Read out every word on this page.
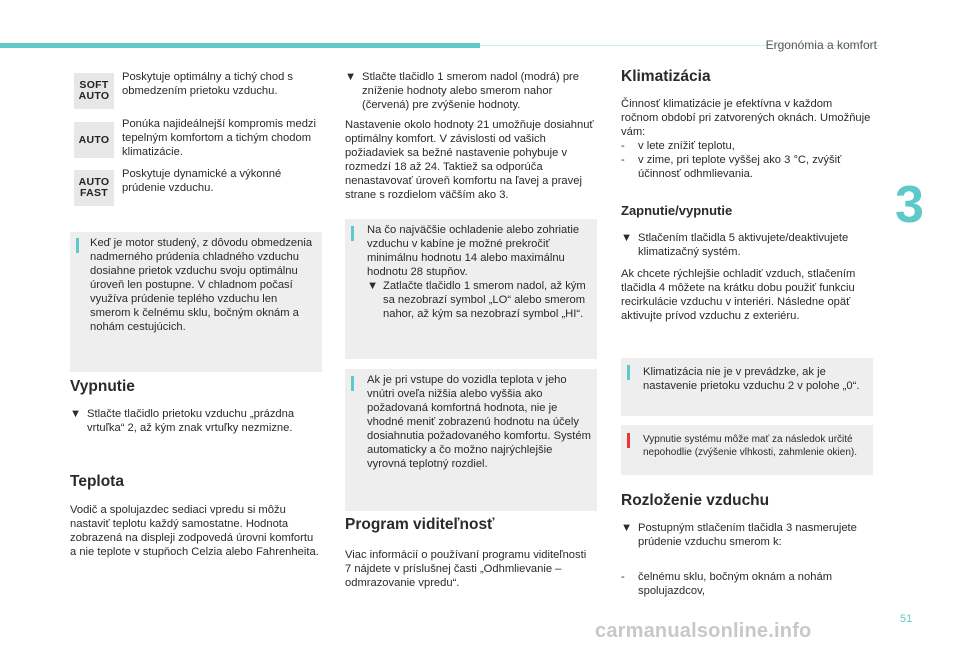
Ergonómia a komfort
3
SOFT
AUTO
Poskytuje optimálny a tichý chod s obmedzením prietoku vzduchu.
AUTO
Ponúka najideálnejší kompromis medzi tepelným komfortom a tichým chodom klimatizácie.
AUTO
FAST
Poskytuje dynamické a výkonné prúdenie vzduchu.
Keď je motor studený, z dôvodu obmedzenia nadmerného prúdenia chladného vzduchu dosiahne prietok vzduchu svoju optimálnu úroveň len postupne. V chladnom počasí využíva prúdenie teplého vzduchu len smerom k čelnému sklu, bočným oknám a nohám cestujúcich.
Vypnutie
▼ Stlačte tlačidlo prietoku vzduchu „prázdna vrtuľka“ 2, až kým znak vrtuľky nezmizne.
Teplota
Vodič a spolujazdec sediaci vpredu si môžu nastaviť teplotu každý samostatne. Hodnota zobrazená na displeji zodpovedá úrovni komfortu a nie teplote v stupňoch Celzia alebo Fahrenheita.
▼ Stlačte tlačidlo 1 smerom nadol (modrá) pre zníženie hodnoty alebo smerom nahor (červená) pre zvýšenie hodnoty.
Nastavenie okolo hodnoty 21 umožňuje dosiahnuť optimálny komfort. V závislosti od vašich požiadaviek sa bežné nastavenie pohybuje v rozmedzí 18 až 24. Taktiež sa odporúča nenastavovať úroveň komfortu na ľavej a pravej strane s rozdielom väčším ako 3.
Na čo najväčšie ochladenie alebo zohriatie vzduchu v kabíne je možné prekročiť minimálnu hodnotu 14 alebo maximálnu hodnotu 28 stupňov.
▼ Zatlačte tlačidlo 1 smerom nadol, až kým sa nezobrazí symbol „LO“ alebo smerom nahor, až kým sa nezobrazí symbol „HI“.
Ak je pri vstupe do vozidla teplota v jeho vnútri oveľa nižšia alebo vyššia ako požadovaná komfortná hodnota, nie je vhodné meniť zobrazenú hodnotu na účely dosiahnutia požadovaného komfortu. Systém automaticky a čo možno najrýchlejšie vyrovná teplotný rozdiel.
Program viditeľnosť
Viac informácií o používaní programu viditeľnosti 7 nájdete v príslušnej časti „Odhmlievanie – odmrazovanie vpredu“.
Klimatizácia
Činnosť klimatizácie je efektívna v každom ročnom období pri zatvorených oknách. Umožňuje vám:
-	v lete znížiť teplotu,
-	v zime, pri teplote vyššej ako 3 °C, zvýšiť účinnosť odhmlievania.
Zapnutie/vypnutie
▼ Stlačením tlačidla 5 aktivujete/deaktivujete klimatizačný systém.
Ak chcete rýchlejšie ochladiť vzduch, stlačením tlačidla 4 môžete na krátku dobu použiť funkciu recirkulácie vzduchu v interiéri. Následne opäť aktivujte prívod vzduchu z exteriéru.
Klimatizácia nie je v prevádzke, ak je nastavenie prietoku vzduchu 2 v polohe „0“.
Vypnutie systému môže mať za následok určité nepohodlie (zvýšenie vlhkosti, zahmlenie okien).
Rozloženie vzduchu
▼ Postupným stlačením tlačidla 3 nasmerujete prúdenie vzduchu smerom k:
-	čelnému sklu, bočným oknám a nohám spolujazdcov,
51
carmanualsonline.info
